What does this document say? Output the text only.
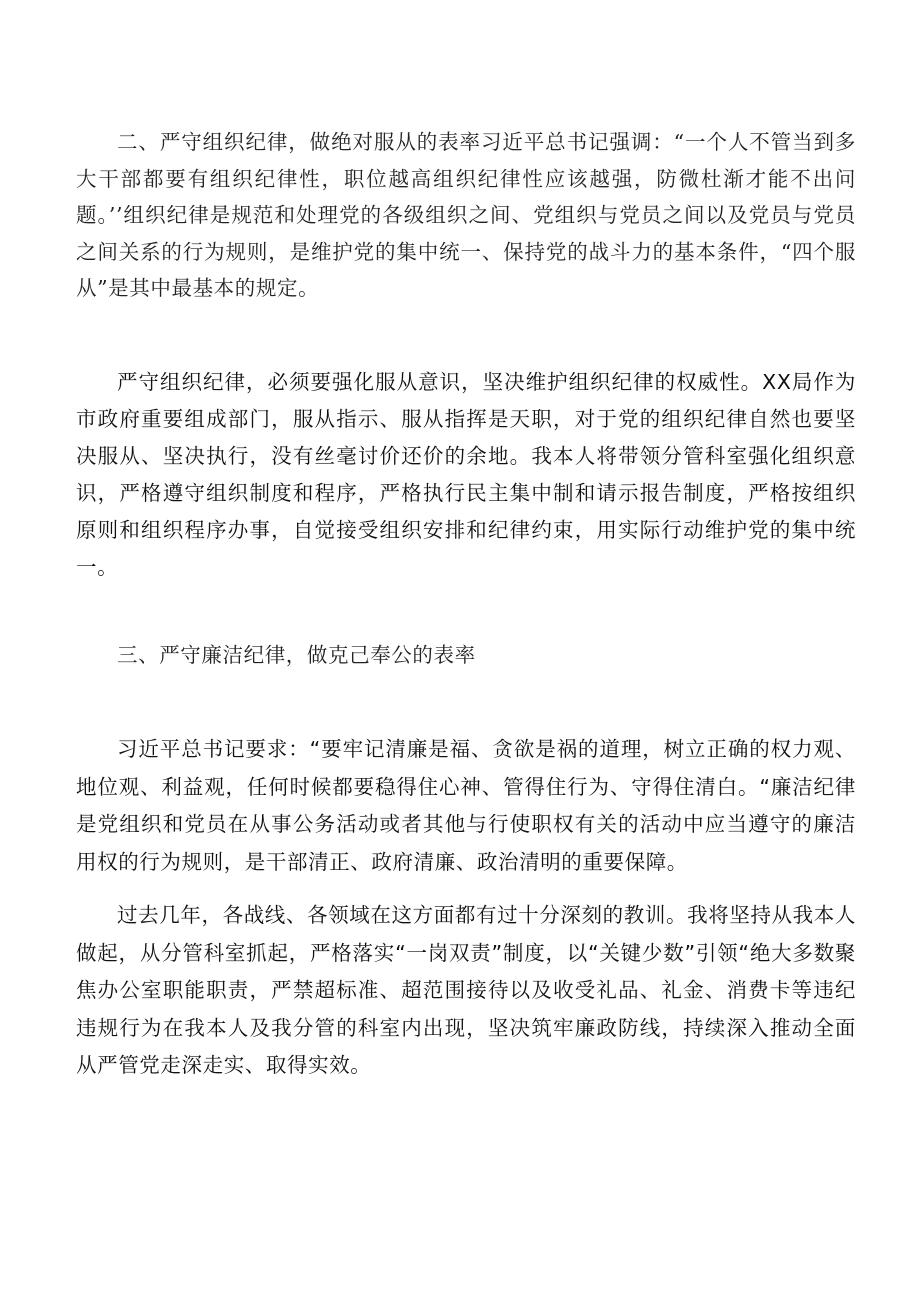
二、严守组织纪律，做绝对服从的表率习近平总书记强调：“一个人不管当到多大干部都要有组织纪律性，职位越高组织纪律性应该越强，防微杜渐才能不出问题。’’组织纪律是规范和处理党的各级组织之间、党组织与党员之间以及党员与党员之间关系的行为规则，是维护党的集中统一、保持党的战斗力的基本条件，“四个服从”是其中最基本的规定。

严守组织纪律，必须要强化服从意识，坚决维护组织纪律的权威性。XX局作为市政府重要组成部门，服从指示、服从指挥是天职，对于党的组织纪律自然也要坚决服从、坚决执行，没有丝毫讨价还价的余地。我本人将带领分管科室强化组织意识，严格遵守组织制度和程序，严格执行民主集中制和请示报告制度，严格按组织原则和组织程序办事，自觉接受组织安排和纪律约束，用实际行动维护党的集中统一。

三、严守廉洁纪律，做克己奉公的表率

习近平总书记要求：“要牢记清廉是福、贪欲是祸的道理，树立正确的权力观、地位观、利益观，任何时候都要稳得住心神、管得住行为、守得住清白。“廉洁纪律是党组织和党员在从事公务活动或者其他与行使职权有关的活动中应当遵守的廉洁用权的行为规则，是干部清正、政府清廉、政治清明的重要保障。

过去几年，各战线、各领域在这方面都有过十分深刻的教训。我将坚持从我本人做起，从分管科室抓起，严格落实“一岗双责”制度，以“关键少数”引领“绝大多数聚焦办公室职能职责，严禁超标准、超范围接待以及收受礼品、礼金、消费卡等违纪违规行为在我本人及我分管的科室内出现，坚决筑牢廉政防线，持续深入推动全面从严管党走深走实、取得实效。
